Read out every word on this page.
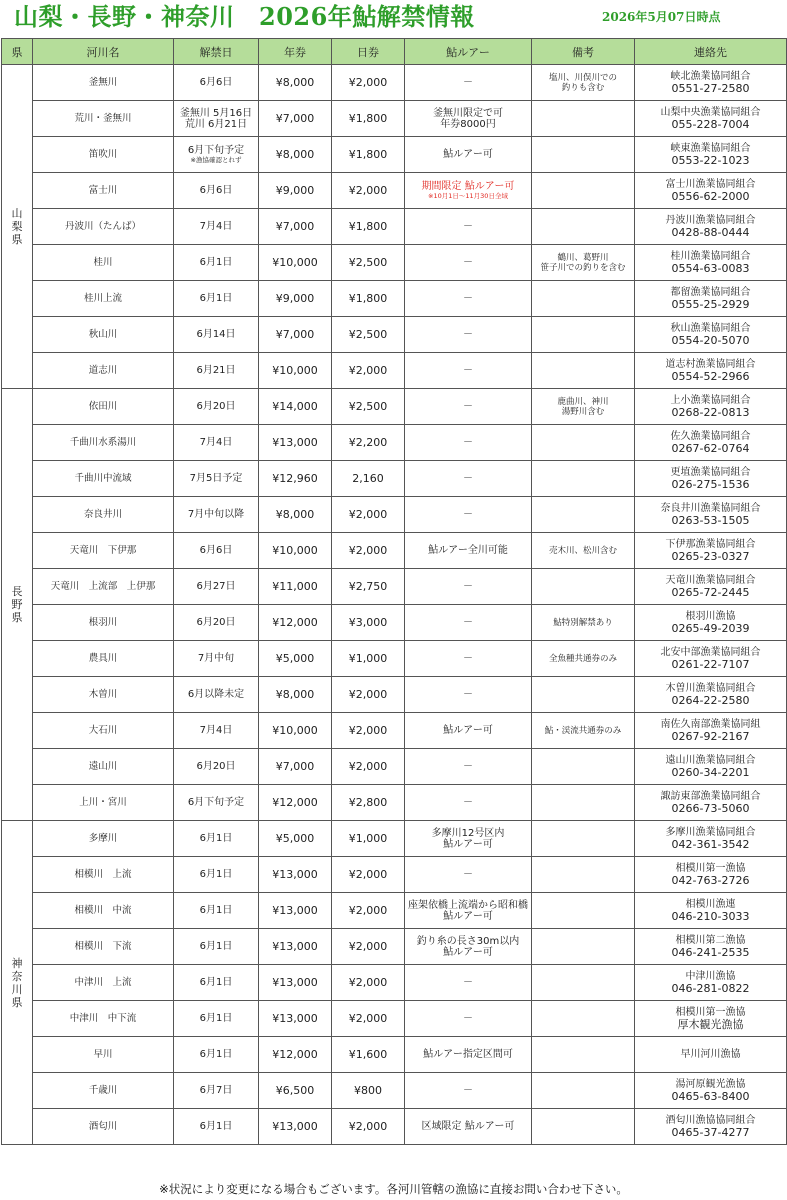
山梨・長野・神奈川　2026年鮎解禁情報	2026年5月07日時点
県	河川名	解禁日	年券	日券	鮎ルアー	備考	連絡先
山梨県	釜無川	6月6日	¥8,000	¥2,000	－	塩川、川俣川での
釣りも含む	峡北漁業協同組合
0551-27-2580

	荒川・釜無川	釜無川 5月16日
荒川 6月21日	¥7,000	¥1,800	釜無川限定で可
年券8000円		山梨中央漁業協同組合
055-228-7004

	笛吹川	6月下旬予定
※漁協確認とれず	¥8,000	¥1,800	鮎ルアー可		峡東漁業協同組合
0553-22-1023

	富士川	6月6日	¥9,000	¥2,000	期間限定 鮎ルアー可
※10月1日〜11月30日全域		富士川漁業協同組合
0556-62-2000

	丹波川（たんば）	7月4日	¥7,000	¥1,800	－		丹波川漁業協同組合
0428-88-0444

	桂川	6月1日	¥10,000	¥2,500	－	鶴川、葛野川
笹子川での釣りを含む	桂川漁業協同組合
0554-63-0083

	桂川上流	6月1日	¥9,000	¥1,800	－		都留漁業協同組合
0555-25-2929

	秋山川	6月14日	¥7,000	¥2,500	－		秋山漁業協同組合
0554-20-5070

	道志川	6月21日	¥10,000	¥2,000	－		道志村漁業協同組合
0554-52-2966

長野県	依田川	6月20日	¥14,000	¥2,500	－	鹿曲川、神川
湯野川含む	上小漁業協同組合
0268-22-0813

	千曲川水系湯川	7月4日	¥13,000	¥2,200	－		佐久漁業協同組合
0267-62-0764

	千曲川中流域	7月5日予定	¥12,960	2,160	－		更埴漁業協同組合
026-275-1536

	奈良井川	7月中旬以降	¥8,000	¥2,000	－		奈良井川漁業協同組合
0263-53-1505

	天竜川　下伊那	6月6日	¥10,000	¥2,000	鮎ルアー全川可能	売木川、松川含む	下伊那漁業協同組合
0265-23-0327

	天竜川　上流部　上伊那	6月27日	¥11,000	¥2,750	－		天竜川漁業協同組合
0265-72-2445

	根羽川	6月20日	¥12,000	¥3,000	－	鮎特別解禁あり	根羽川漁協
0265-49-2039

	農具川	7月中旬	¥5,000	¥1,000	－	全魚種共通券のみ	北安中部漁業協同組合
0261-22-7107

	木曽川	6月以降未定	¥8,000	¥2,000	－		木曽川漁業協同組合
0264-22-2580

	大石川	7月4日	¥10,000	¥2,000	鮎ルアー可	鮎・渓流共通券のみ	南佐久南部漁業協同組
0267-92-2167

	遠山川	6月20日	¥7,000	¥2,000	－		遠山川漁業協同組合
0260-34-2201

	上川・宮川	6月下旬予定	¥12,000	¥2,800	－		諏訪東部漁業協同組合
0266-73-5060

神奈川県	多摩川	6月1日	¥5,000	¥1,000	多摩川12号区内
鮎ルアー可		多摩川漁業協同組合
042-361-3542

	相模川　上流	6月1日	¥13,000	¥2,000	－		相模川第一漁協
042-763-2726

	相模川　中流	6月1日	¥13,000	¥2,000	座架依橋上流端から昭和橋
鮎ルアー可		相模川漁連
046-210-3033

	相模川　下流	6月1日	¥13,000	¥2,000	釣り糸の長さ30m以内
鮎ルアー可		相模川第二漁協
046-241-2535

	中津川　上流	6月1日	¥13,000	¥2,000	－		中津川漁協
046-281-0822

	中津川　中下流	6月1日	¥13,000	¥2,000	－		相模川第一漁協
厚木観光漁協

	早川	6月1日	¥12,000	¥1,600	鮎ルアー指定区間可		早川河川漁協

	千歳川	6月7日	¥6,500	¥800	－		湯河原観光漁協
0465-63-8400

	酒匂川	6月1日	¥13,000	¥2,000	区域限定 鮎ルアー可		酒匂川漁協協同組合
0465-37-4277
※状況により変更になる場合もございます。各河川管轄の漁協に直接お問い合わせ下さい。
